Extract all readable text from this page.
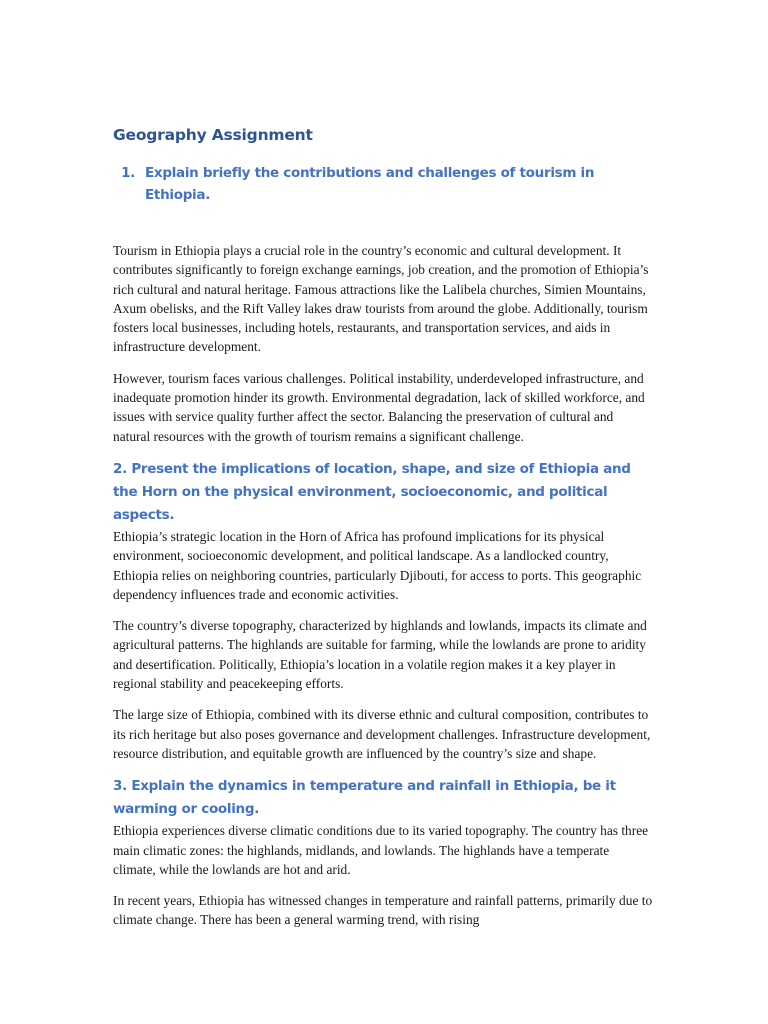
Geography Assignment
1. Explain briefly the contributions and challenges of tourism in Ethiopia.

Tourism in Ethiopia plays a crucial role in the country’s economic and cultural development. It contributes significantly to foreign exchange earnings, job creation, and the promotion of Ethiopia’s rich cultural and natural heritage. Famous attractions like the Lalibela churches, Simien Mountains, Axum obelisks, and the Rift Valley lakes draw tourists from around the globe. Additionally, tourism fosters local businesses, including hotels, restaurants, and transportation services, and aids in infrastructure development.

However, tourism faces various challenges. Political instability, underdeveloped infrastructure, and inadequate promotion hinder its growth. Environmental degradation, lack of skilled workforce, and issues with service quality further affect the sector. Balancing the preservation of cultural and natural resources with the growth of tourism remains a significant challenge.

2. Present the implications of location, shape, and size of Ethiopia and the Horn on the physical environment, socioeconomic, and political aspects.

Ethiopia’s strategic location in the Horn of Africa has profound implications for its physical environment, socioeconomic development, and political landscape. As a landlocked country, Ethiopia relies on neighboring countries, particularly Djibouti, for access to ports. This geographic dependency influences trade and economic activities.

The country’s diverse topography, characterized by highlands and lowlands, impacts its climate and agricultural patterns. The highlands are suitable for farming, while the lowlands are prone to aridity and desertification. Politically, Ethiopia’s location in a volatile region makes it a key player in regional stability and peacekeeping efforts.

The large size of Ethiopia, combined with its diverse ethnic and cultural composition, contributes to its rich heritage but also poses governance and development challenges. Infrastructure development, resource distribution, and equitable growth are influenced by the country’s size and shape.

3. Explain the dynamics in temperature and rainfall in Ethiopia, be it warming or cooling.

Ethiopia experiences diverse climatic conditions due to its varied topography. The country has three main climatic zones: the highlands, midlands, and lowlands. The highlands have a temperate climate, while the lowlands are hot and arid.

In recent years, Ethiopia has witnessed changes in temperature and rainfall patterns, primarily due to climate change. There has been a general warming trend, with rising
